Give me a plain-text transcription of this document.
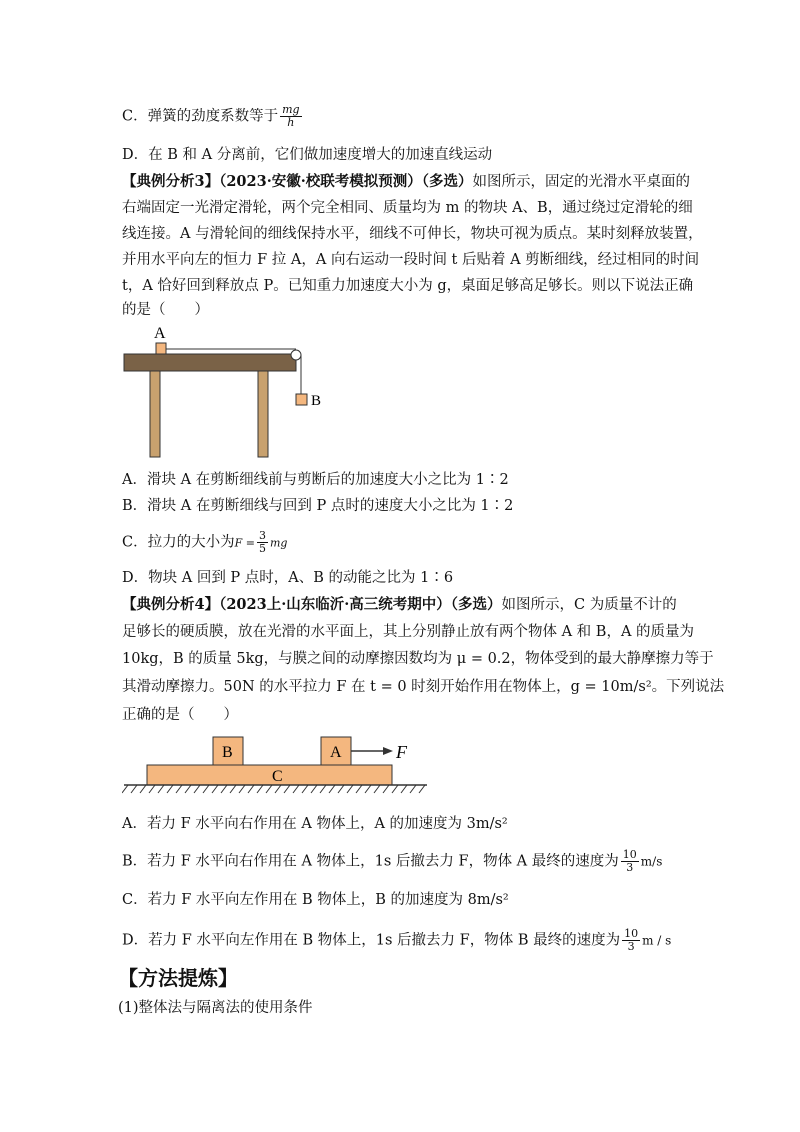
C．弹簧的劲度系数等于 $\frac{mg}{h}$
D．在 B 和 A 分离前，它们做加速度增大的加速直线运动
【典例分析3】（2023·安徽·校联考模拟预测）（多选）如图所示，固定的光滑水平桌面的
右端固定一光滑定滑轮，两个完全相同、质量均为 m 的物块 A、B，通过绕过定滑轮的细
线连接。A 与滑轮间的细线保持水平，细线不可伸长，物块可视为质点。某时刻释放装置，
并用水平向左的恒力 F 拉 A，A 向右运动一段时间 t 后贴着 A 剪断细线，经过相同的时间
t，A 恰好回到释放点 P。已知重力加速度大小为 g，桌面足够高足够长。则以下说法正确
的是（　　）
A
B
A．滑块 A 在剪断细线前与剪断后的加速度大小之比为 1∶2
B．滑块 A 在剪断细线与回到 P 点时的速度大小之比为 1∶2
C．拉力的大小为$F = \frac{3}{5}$ mg
D．物块 A 回到 P 点时，A、B 的动能之比为 1∶6
【典例分析4】（2023上·山东临沂·高三统考期中）（多选）如图所示，C 为质量不计的
足够长的硬质膜，放在光滑的水平面上，其上分别静止放有两个物体 A 和 B，A 的质量为
10kg，B 的质量 5kg，与膜之间的动摩擦因数均为 μ = 0.2，物体受到的最大静摩擦力等于
其滑动摩擦力。50N 的水平拉力 F 在 t = 0 时刻开始作用在物体上，g = 10m/s²。下列说法
正确的是（　　）
B	A	F
C
A．若力 F 水平向右作用在 A 物体上，A 的加速度为 3m/s²
B．若力 F 水平向右作用在 A 物体上，1s 后撤去力 F，物体 A 最终的速度为 $\frac{10}{3} m/s$
C．若力 F 水平向左作用在 B 物体上，B 的加速度为 8m/s²
D．若力 F 水平向左作用在 B 物体上，1s 后撤去力 F，物体 B 最终的速度为 $\frac{10}{3}$ m / s
【方法提炼】
(1)整体法与隔离法的使用条件
